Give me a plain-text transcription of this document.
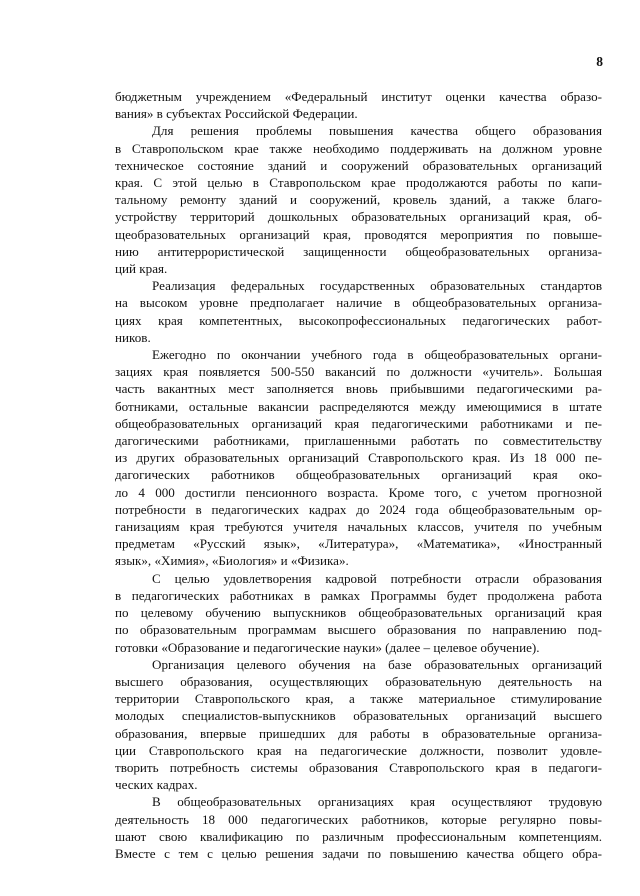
8
бюджетным учреждением «Федеральный институт оценки качества образо-
вания» в субъектах Российской Федерации.
Для решения проблемы повышения качества общего образования
в Ставропольском крае также необходимо поддерживать на должном уровне
техническое состояние зданий и сооружений образовательных организаций
края. С этой целью в Ставропольском крае продолжаются работы по капи-
тальному ремонту зданий и сооружений, кровель зданий, а также благо-
устройству территорий дошкольных образовательных организаций края, об-
щеобразовательных организаций края, проводятся мероприятия по повыше-
нию антитеррористической защищенности общеобразовательных организа-
ций края.
Реализация федеральных государственных образовательных стандартов
на высоком уровне предполагает наличие в общеобразовательных организа-
циях края компетентных, высокопрофессиональных педагогических работ-
ников.
Ежегодно по окончании учебного года в общеобразовательных органи-
зациях края появляется 500-550 вакансий по должности «учитель». Большая
часть вакантных мест заполняется вновь прибывшими педагогическими ра-
ботниками, остальные вакансии распределяются между имеющимися в штате
общеобразовательных организаций края педагогическими работниками и пе-
дагогическими работниками, приглашенными работать по совместительству
из других образовательных организаций Ставропольского края. Из 18 000 пе-
дагогических работников общеобразовательных организаций края око-
ло 4 000 достигли пенсионного возраста. Кроме того, с учетом прогнозной
потребности в педагогических кадрах до 2024 года общеобразовательным ор-
ганизациям края требуются учителя начальных классов, учителя по учебным
предметам «Русский язык», «Литература», «Математика», «Иностранный
язык», «Химия», «Биология» и «Физика».
С целью удовлетворения кадровой потребности отрасли образования
в педагогических работниках в рамках Программы будет продолжена работа
по целевому обучению выпускников общеобразовательных организаций края
по образовательным программам высшего образования по направлению под-
готовки «Образование и педагогические науки» (далее – целевое обучение).
Организация целевого обучения на базе образовательных организаций
высшего образования, осуществляющих образовательную деятельность на
территории Ставропольского края, а также материальное стимулирование
молодых специалистов-выпускников образовательных организаций высшего
образования, впервые пришедших для работы в образовательные организа-
ции Ставропольского края на педагогические должности, позволит удовле-
творить потребность системы образования Ставропольского края в педагоги-
ческих кадрах.
В общеобразовательных организациях края осуществляют трудовую
деятельность 18 000 педагогических работников, которые регулярно повы-
шают свою квалификацию по различным профессиональным компетенциям.
Вместе с тем с целью решения задачи по повышению качества общего обра-
